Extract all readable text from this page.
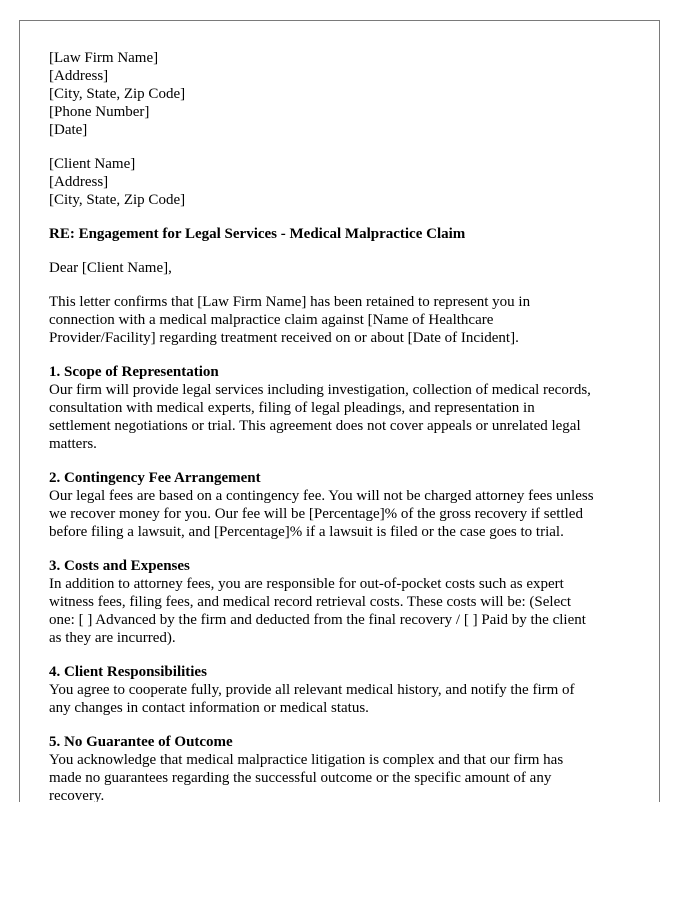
[Law Firm Name]
[Address]
[City, State, Zip Code]
[Phone Number]
[Date]
[Client Name]
[Address]
[City, State, Zip Code]

RE: Engagement for Legal Services - Medical Malpractice Claim

Dear [Client Name],

This letter confirms that [Law Firm Name] has been retained to represent you in
connection with a medical malpractice claim against [Name of Healthcare
Provider/Facility] regarding treatment received on or about [Date of Incident].
1. Scope of Representation
Our firm will provide legal services including investigation, collection of medical records,
consultation with medical experts, filing of legal pleadings, and representation in
settlement negotiations or trial. This agreement does not cover appeals or unrelated legal
matters.
2. Contingency Fee Arrangement
Our legal fees are based on a contingency fee. You will not be charged attorney fees unless
we recover money for you. Our fee will be [Percentage]% of the gross recovery if settled
before filing a lawsuit, and [Percentage]% if a lawsuit is filed or the case goes to trial.
3. Costs and Expenses
In addition to attorney fees, you are responsible for out-of-pocket costs such as expert
witness fees, filing fees, and medical record retrieval costs. These costs will be: (Select
one: [ ] Advanced by the firm and deducted from the final recovery / [ ] Paid by the client
as they are incurred).
4. Client Responsibilities
You agree to cooperate fully, provide all relevant medical history, and notify the firm of
any changes in contact information or medical status.
5. No Guarantee of Outcome
You acknowledge that medical malpractice litigation is complex and that our firm has
made no guarantees regarding the successful outcome or the specific amount of any
recovery.
